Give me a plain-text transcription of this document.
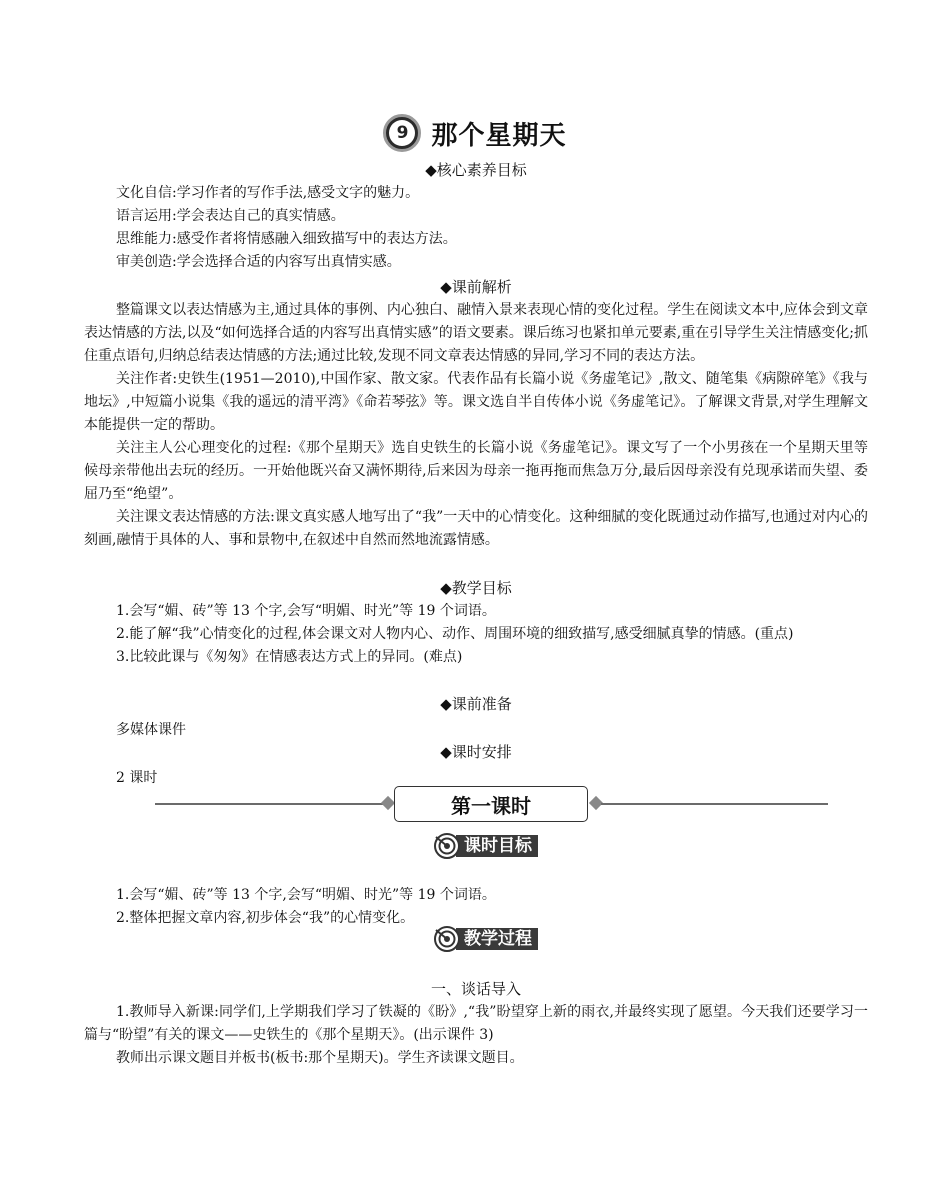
9 那个星期天
◆核心素养目标

文化自信:学习作者的写作手法,感受文字的魅力。

语言运用:学会表达自己的真实情感。

思维能力:感受作者将情感融入细致描写中的表达方法。

审美创造:学会选择合适的内容写出真情实感。

◆课前解析

整篇课文以表达情感为主,通过具体的事例、内心独白、融情入景来表现心情的变化过程。学生在阅读文本中,应体会到文章表达情感的方法,以及“如何选择合适的内容写出真情实感”的语文要素。课后练习也紧扣单元要素,重在引导学生关注情感变化;抓住重点语句,归纳总结表达情感的方法;通过比较,发现不同文章表达情感的异同,学习不同的表达方法。

关注作者:史铁生(1951—2010),中国作家、散文家。代表作品有长篇小说《务虚笔记》,散文、随笔集《病隙碎笔》《我与地坛》,中短篇小说集《我的遥远的清平湾》《命若琴弦》等。课文选自半自传体小说《务虚笔记》。了解课文背景,对学生理解文本能提供一定的帮助。

关注主人公心理变化的过程:《那个星期天》选自史铁生的长篇小说《务虚笔记》。课文写了一个小男孩在一个星期天里等候母亲带他出去玩的经历。一开始他既兴奋又满怀期待,后来因为母亲一拖再拖而焦急万分,最后因母亲没有兑现承诺而失望、委屈乃至“绝望”。

关注课文表达情感的方法:课文真实感人地写出了“我”一天中的心情变化。这种细腻的变化既通过动作描写,也通过对内心的刻画,融情于具体的人、事和景物中,在叙述中自然而然地流露情感。

◆教学目标

1.会写“媚、砖”等 13 个字,会写“明媚、时光”等 19 个词语。

2.能了解“我”心情变化的过程,体会课文对人物内心、动作、周围环境的细致描写,感受细腻真挚的情感。(重点)

3.比较此课与《匆匆》在情感表达方式上的异同。(难点)

◆课前准备

多媒体课件

◆课时安排

2 课时

第一课时
课时目标

1.会写“媚、砖”等 13 个字,会写“明媚、时光”等 19 个词语。

2.整体把握文章内容,初步体会“我”的心情变化。

教学过程
一、谈话导入

1.教师导入新课:同学们,上学期我们学习了铁凝的《盼》,“我”盼望穿上新的雨衣,并最终实现了愿望。今天我们还要学习一篇与“盼望”有关的课文——史铁生的《那个星期天》。(出示课件 3)

教师出示课文题目并板书(板书:那个星期天)。学生齐读课文题目。
